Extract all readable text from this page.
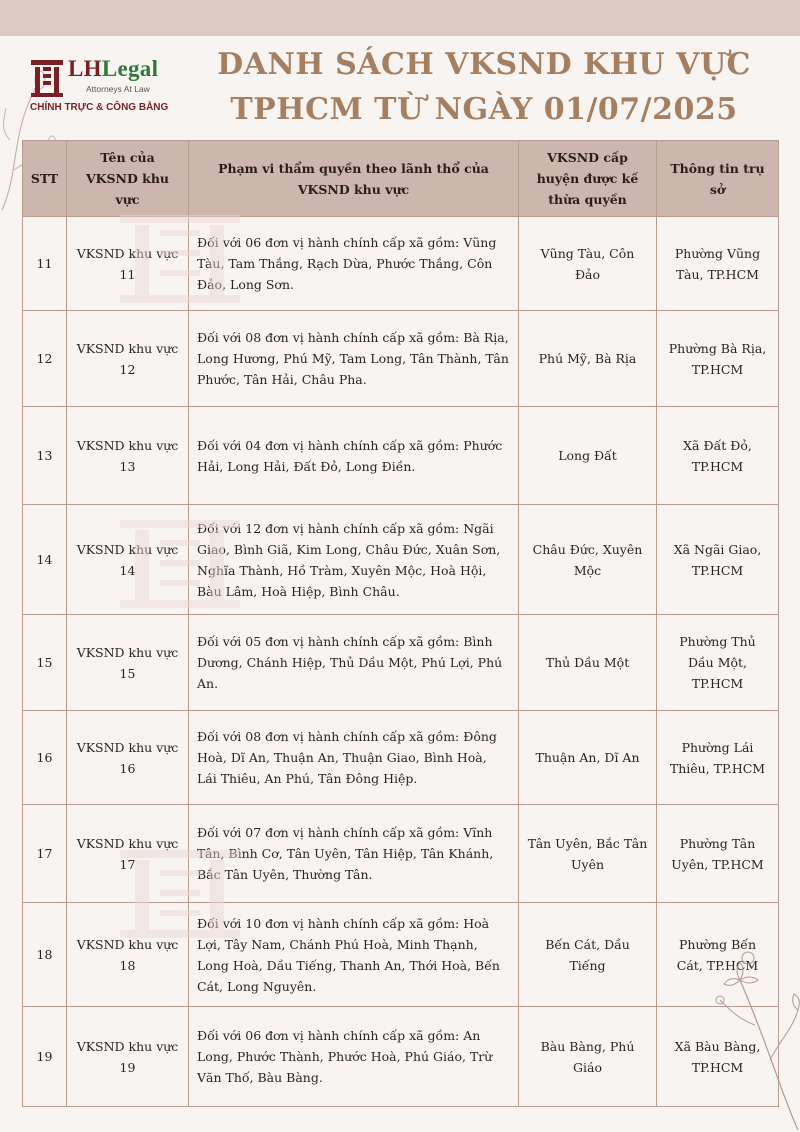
LHLegal
Attorneys At Law
CHÍNH TRỰC & CÔNG BẰNG
DANH SÁCH VKSND KHU VỰC
TPHCM TỪ NGÀY 01/07/2025
STT	Tên của VKSND khu vực	Phạm vi thẩm quyền theo lãnh thổ của VKSND khu vực	VKSND cấp huyện được kế thừa quyền	Thông tin trụ sở
11	VKSND khu vực 11	Đối với 06 đơn vị hành chính cấp xã gồm: Vũng Tàu, Tam Thắng, Rạch Dừa, Phước Thắng, Côn Đảo, Long Sơn.	Vũng Tàu, Côn Đảo	Phường Vũng Tàu, TP.HCM
12	VKSND khu vực 12	Đối với 08 đơn vị hành chính cấp xã gồm: Bà Rịa, Long Hương, Phú Mỹ, Tam Long, Tân Thành, Tân Phước, Tân Hải, Châu Pha.	Phú Mỹ, Bà Rịa	Phường Bà Rịa, TP.HCM
13	VKSND khu vực 13	Đối với 04 đơn vị hành chính cấp xã gồm: Phước Hải, Long Hải, Đất Đỏ, Long Điền.	Long Đất	Xã Đất Đỏ, TP.HCM
14	VKSND khu vực 14	Đối với 12 đơn vị hành chính cấp xã gồm: Ngãi Giao, Bình Giã, Kim Long, Châu Đức, Xuân Sơn, Nghĩa Thành, Hồ Tràm, Xuyên Mộc, Hoà Hội, Bàu Lâm, Hoà Hiệp, Bình Châu.	Châu Đức, Xuyên Mộc	Xã Ngãi Giao, TP.HCM
15	VKSND khu vực 15	Đối với 05 đơn vị hành chính cấp xã gồm: Bình Dương, Chánh Hiệp, Thủ Dầu Một, Phú Lợi, Phú An.	Thủ Dầu Một	Phường Thủ Dầu Một, TP.HCM
16	VKSND khu vực 16	Đối với 08 đơn vị hành chính cấp xã gồm: Đông Hoà, Dĩ An, Thuận An, Thuận Giao, Bình Hoà, Lái Thiêu, An Phú, Tân Đông Hiệp.	Thuận An, Dĩ An	Phường Lái Thiêu, TP.HCM
17	VKSND khu vực 17	Đối với 07 đơn vị hành chính cấp xã gồm: Vĩnh Tân, Bình Cơ, Tân Uyên, Tân Hiệp, Tân Khánh, Bắc Tân Uyên, Thường Tân.	Tân Uyên, Bắc Tân Uyên	Phường Tân Uyên, TP.HCM
18	VKSND khu vực 18	Đối với 10 đơn vị hành chính cấp xã gồm: Hoà Lợi, Tây Nam, Chánh Phú Hoà, Minh Thạnh, Long Hoà, Dầu Tiếng, Thanh An, Thới Hoà, Bến Cát, Long Nguyên.	Bến Cát, Dầu Tiếng	Phường Bến Cát, TP.HCM
19	VKSND khu vực 19	Đối với 06 đơn vị hành chính cấp xã gồm: An Long, Phước Thành, Phước Hoà, Phú Giáo, Trừ Văn Thố, Bàu Bàng.	Bàu Bàng, Phú Giáo	Xã Bàu Bàng, TP.HCM
